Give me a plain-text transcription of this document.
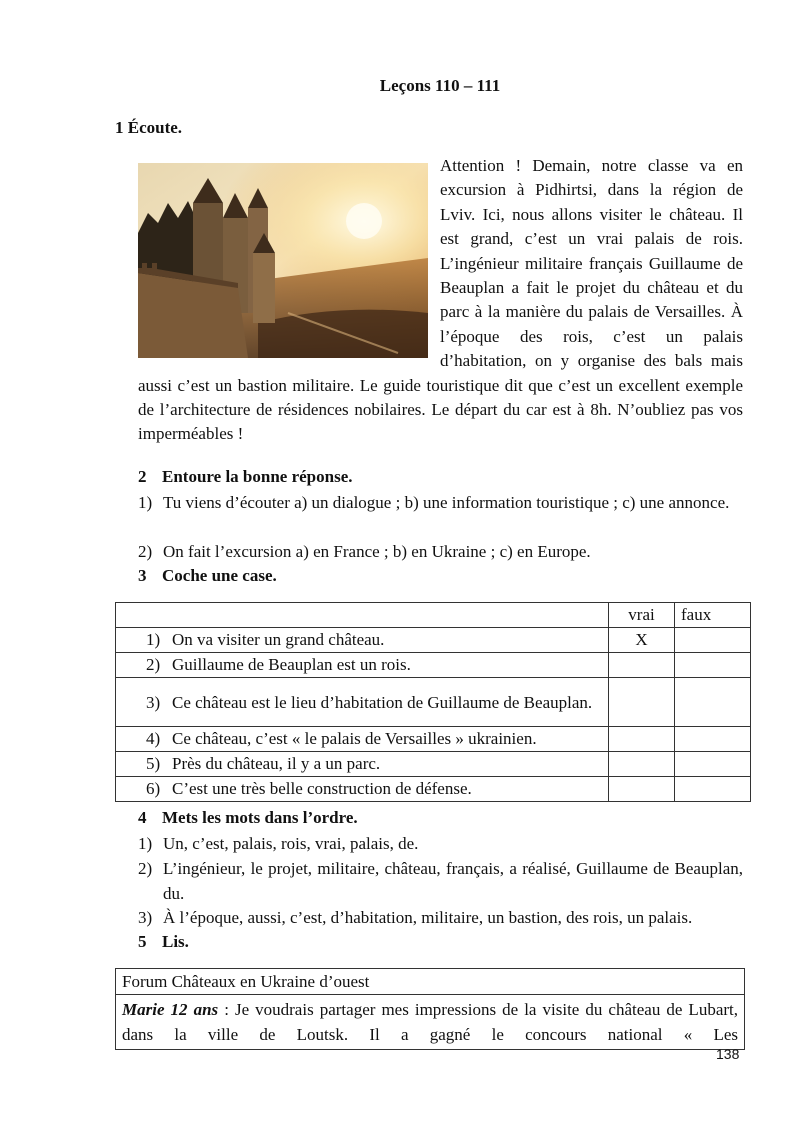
Leçons 110 – 111
1 Écoute.
Attention ! Demain, notre classe va en excursion à Pidhirtsi, dans la région de Lviv. Ici, nous allons visiter le château. Il est grand, c’est un vrai palais de rois. L’ingénieur militaire français Guillaume de Beauplan a fait le projet du château et du parc à la manière du palais de Versailles. À l’époque des rois, c’est un palais d’habitation, on y organise des bals mais aussi c’est un bastion militaire. Le guide touristique dit que c’est un excellent exemple de l’architecture de résidences nobilaires. Le départ du car est à 8h. N’oubliez pas vos imperméables !
2 Entoure la bonne réponse.
1) Tu viens d’écouter a) un dialogue ; b) une information touristique ; c) une annonce.
2) On fait l’excursion a) en France ; b) en Ukraine ; c) en Europe.
3 Coche une case.
	vrai	faux
1) On va visiter un grand château.	X	
2) Guillaume de Beauplan est un rois.		
3) Ce château est le lieu d’habitation de Guillaume de Beauplan.		
4) Ce château, c’est « le palais de Versailles » ukrainien.		
5) Près du château, il y a un parc.		
6) C’est une très belle construction de défense.		
4 Mets les mots dans l’ordre.
1) Un, c’est, palais, rois, vrai, palais, de.
2) L’ingénieur, le projet, militaire, château, français, a réalisé, Guillaume de Beauplan, du.
3) À l’époque, aussi, c’est, d’habitation, militaire, un bastion, des rois, un palais.
5 Lis.
Forum Châteaux en Ukraine d’ouest
Marie 12 ans : Je voudrais partager mes impressions de la visite du château de Lubart, dans la ville de Loutsk. Il a gagné le concours national « Les
138
